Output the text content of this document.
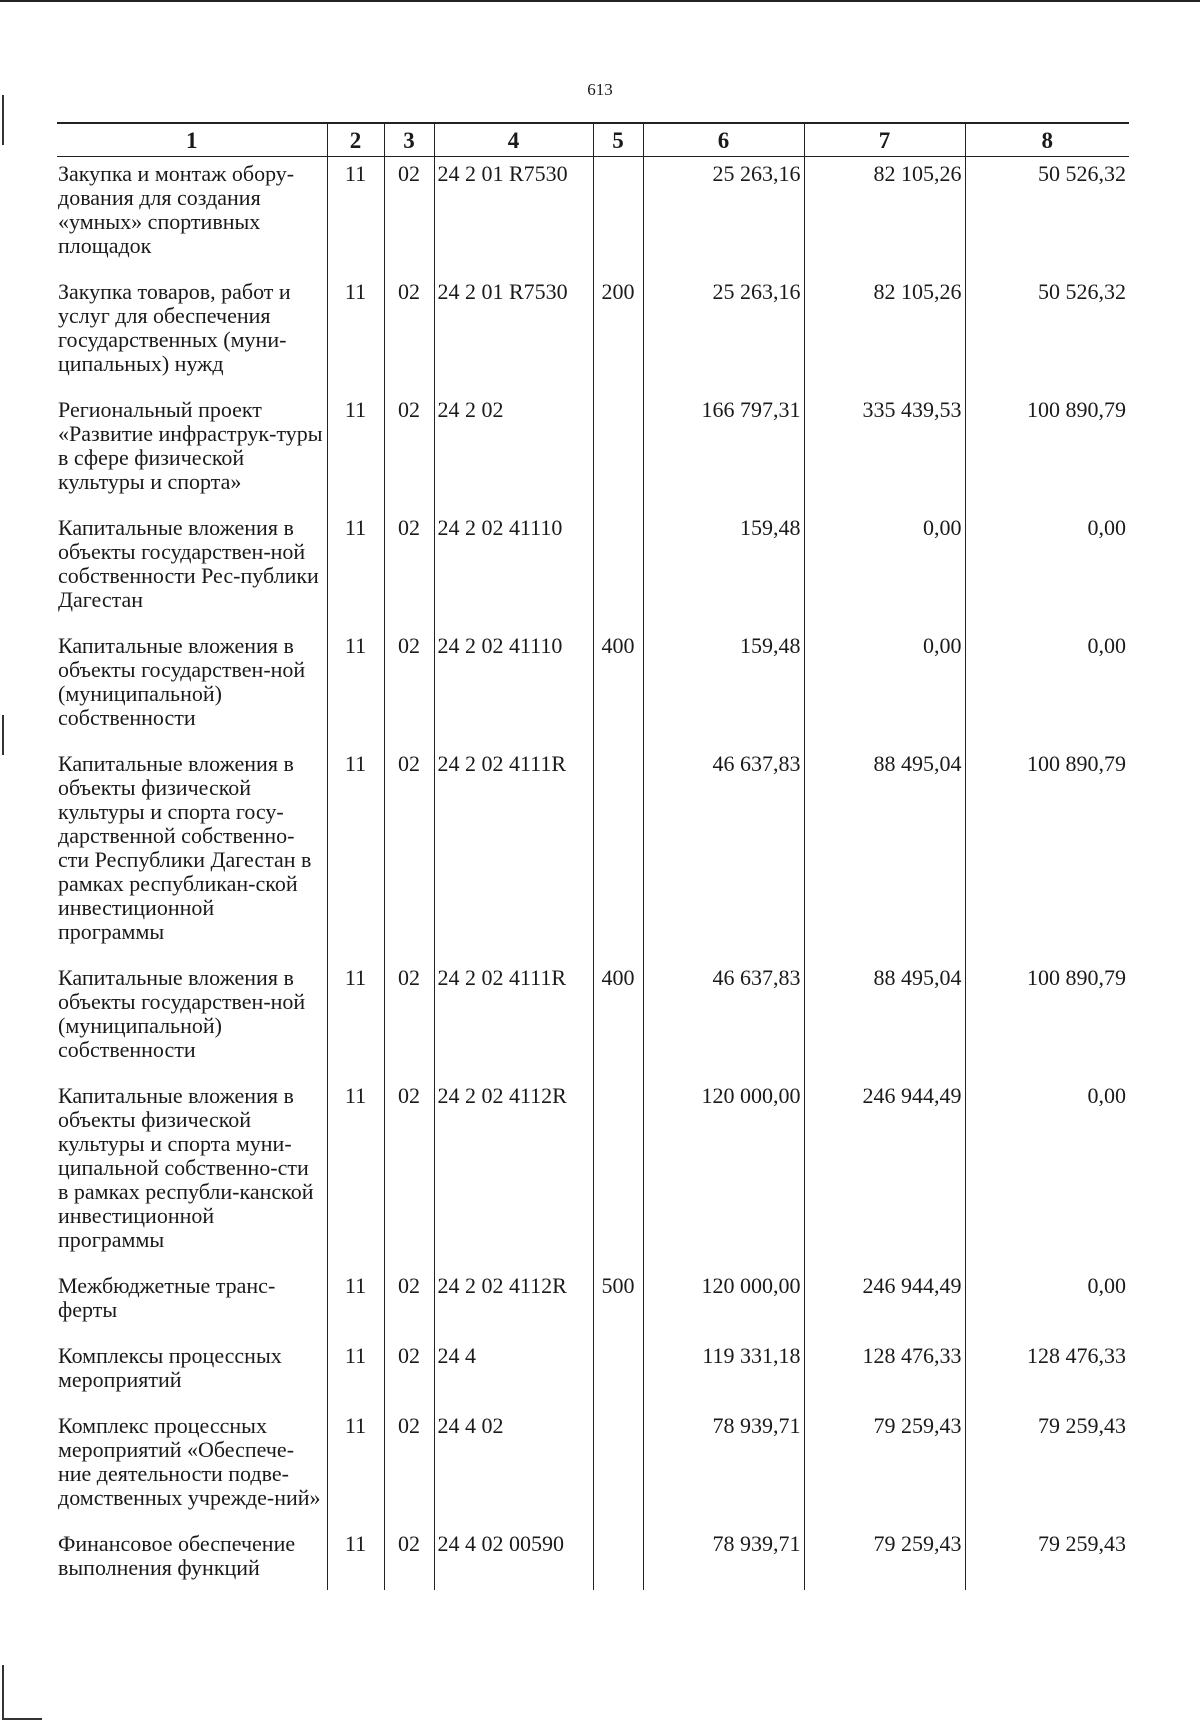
613
1	2	3	4	5	6	7	8
Закупка и монтаж обору-дования для создания «умных» спортивных площадок	11	02	24 2 01 R7530		25 263,16	82 105,26	50 526,32
Закупка товаров, работ и услуг для обеспечения государственных (муни-ципальных) нужд	11	02	24 2 01 R7530	200	25 263,16	82 105,26	50 526,32
Региональный проект «Развитие инфраструк-туры в сфере физической культуры и спорта»	11	02	24 2 02		166 797,31	335 439,53	100 890,79
Капитальные вложения в объекты государствен-ной собственности Рес-публики Дагестан	11	02	24 2 02 41110		159,48	0,00	0,00
Капитальные вложения в объекты государствен-ной (муниципальной) собственности	11	02	24 2 02 41110	400	159,48	0,00	0,00
Капитальные вложения в объекты физической культуры и спорта госу-дарственной собственно-сти Республики Дагестан в рамках республикан-ской инвестиционной программы	11	02	24 2 02 4111R		46 637,83	88 495,04	100 890,79
Капитальные вложения в объекты государствен-ной (муниципальной) собственности	11	02	24 2 02 4111R	400	46 637,83	88 495,04	100 890,79
Капитальные вложения в объекты физической культуры и спорта муни-ципальной собственно-сти в рамках республи-канской инвестиционной программы	11	02	24 2 02 4112R		120 000,00	246 944,49	0,00
Межбюджетные транс-ферты	11	02	24 2 02 4112R	500	120 000,00	246 944,49	0,00
Комплексы процессных мероприятий	11	02	24 4		119 331,18	128 476,33	128 476,33
Комплекс процессных мероприятий «Обеспече-ние деятельности подве-домственных учрежде-ний»	11	02	24 4 02		78 939,71	79 259,43	79 259,43
Финансовое обеспечение выполнения функций	11	02	24 4 02 00590		78 939,71	79 259,43	79 259,43
